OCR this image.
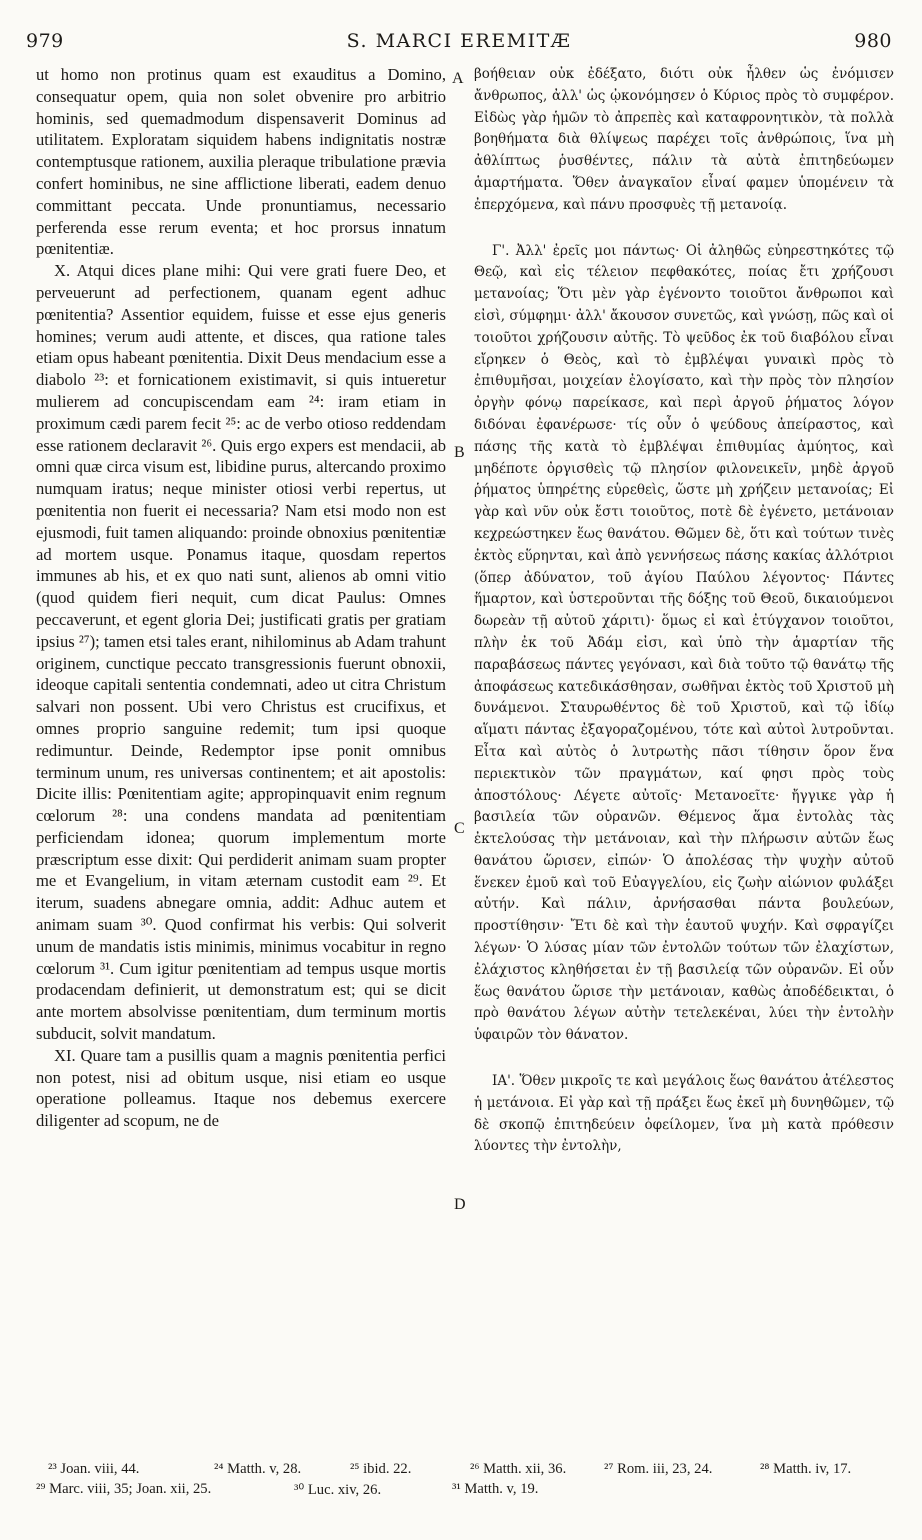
979	S. MARCI EREMITÆ	980

ut homo non protinus quam est exauditus a Domino, consequatur opem, quia non solet obvenire pro arbitrio hominis, sed quemadmodum dispensaverit Dominus ad utilitatem. Exploratam siquidem habens indignitatis nostræ contemptusque rationem, auxilia pleraque tribulatione prævia confert hominibus, ne sine afflictione liberati, eadem denuo committant peccata. Unde pronuntiamus, necessario perferenda esse rerum eventa; et hoc prorsus innatum pœnitentiæ.

X. Atqui dices plane mihi: Qui vere grati fuere Deo, et perveuerunt ad perfectionem, quanam egent adhuc pœnitentia? Assentior equidem, fuisse et esse ejus generis homines; verum audi attente, et disces, qua ratione tales etiam opus habeant pœnitentia. Dixit Deus mendacium esse a diabolo ²³: et fornicationem existimavit, si quis intueretur mulierem ad concupiscendam eam ²⁴: iram etiam in proximum cædi parem fecit ²⁵: ac de verbo otioso reddendam esse rationem declaravit ²⁶. Quis ergo expers est mendacii, ab omni quæ circa visum est, libidine purus, altercando proximo numquam iratus; neque minister otiosi verbi repertus, ut pœnitentia non fuerit ei necessaria? Nam etsi modo non est ejusmodi, fuit tamen aliquando: proinde obnoxius pœnitentiæ ad mortem usque. Ponamus itaque, quosdam repertos immunes ab his, et ex quo nati sunt, alienos ab omni vitio (quod quidem fieri nequit, cum dicat Paulus: Omnes peccaverunt, et egent gloria Dei; justificati gratis per gratiam ipsius ²⁷); tamen etsi tales erant, nihilominus ab Adam trahunt originem, cunctique peccato transgressionis fuerunt obnoxii, ideoque capitali sententia condemnati, adeo ut citra Christum salvari non possent. Ubi vero Christus est crucifixus, et omnes proprio sanguine redemit; tum ipsi quoque redimuntur. Deinde, Redemptor ipse ponit omnibus terminum unum, res universas continentem; et ait apostolis: Dicite illis: Pœnitentiam agite; appropinquavit enim regnum cœlorum ²⁸: una condens mandata ad pœnitentiam perficiendam idonea; quorum implementum morte præscriptum esse dixit: Qui perdiderit animam suam propter me et Evangelium, in vitam æternam custodit eam ²⁹. Et iterum, suadens abnegare omnia, addit: Adhuc autem et animam suam ³⁰. Quod confirmat his verbis: Qui solverit unum de mandatis istis minimis, minimus vocabitur in regno cœlorum ³¹. Cum igitur pœnitentiam ad tempus usque mortis prodacendam definierit, ut demonstratum est; qui se dicit ante mortem absolvisse pœnitentiam, dum terminum mortis subducit, solvit mandatum.

XI. Quare tam a pusillis quam a magnis pœnitentia perfici non potest, nisi ad obitum usque, nisi etiam eo usque operatione polleamus. Itaque nos debemus exercere diligenter ad scopum, ne de

A
B
C
D

βοήθειαν οὐκ ἐδέξατο, διότι οὐκ ἦλθεν ὡς ἐνόμισεν ἄνθρωπος, ἀλλ' ὡς ᾠκονόμησεν ὁ Κύριος πρὸς τὸ συμφέρον. Εἰδὼς γὰρ ἡμῶν τὸ ἀπρεπὲς καὶ καταφρονητικὸν, τὰ πολλὰ βοηθήματα διὰ θλίψεως παρέχει τοῖς ἀνθρώποις, ἵνα μὴ ἀθλίπτως ῥυσθέντες, πάλιν τὰ αὐτὰ ἐπιτηδεύωμεν ἁμαρτήματα. Ὅθεν ἀναγκαῖον εἶναί φαμεν ὑπομένειν τὰ ἐπερχόμενα, καὶ πάνυ προσφυὲς τῇ μετανοίᾳ.

Γ'. Ἀλλ' ἐρεῖς μοι πάντως· Οἱ ἀληθῶς εὐηρεστηκότες τῷ Θεῷ, καὶ εἰς τέλειον πεφθακότες, ποίας ἔτι χρήζουσι μετανοίας; Ὅτι μὲν γὰρ ἐγένοντο τοιοῦτοι ἄνθρωποι καὶ εἰσὶ, σύμφημι· ἀλλ' ἄκουσον συνετῶς, καὶ γνώσῃ, πῶς καὶ οἱ τοιοῦτοι χρήζουσιν αὐτῆς. Τὸ ψεῦδος ἐκ τοῦ διαβόλου εἶναι εἴρηκεν ὁ Θεὸς, καὶ τὸ ἐμβλέψαι γυναικὶ πρὸς τὸ ἐπιθυμῆσαι, μοιχείαν ἐλογίσατο, καὶ τὴν πρὸς τὸν πλησίον ὀργὴν φόνῳ παρείκασε, καὶ περὶ ἀργοῦ ῥήματος λόγον διδόναι ἐφανέρωσε· τίς οὖν ὁ ψεύδους ἀπείραστος, καὶ πάσης τῆς κατὰ τὸ ἐμβλέψαι ἐπιθυμίας ἀμύητος, καὶ μηδέποτε ὀργισθεὶς τῷ πλησίον φιλονεικεῖν, μηδὲ ἀργοῦ ῥήματος ὑπηρέτης εὑρεθεὶς, ὥστε μὴ χρήζειν μετανοίας; Εἰ γὰρ καὶ νῦν οὐκ ἔστι τοιοῦτος, ποτὲ δὲ ἐγένετο, μετάνοιαν κεχρεώστηκεν ἕως θανάτου. Θῶμεν δὲ, ὅτι καὶ τούτων τινὲς ἐκτὸς εὕρηνται, καὶ ἀπὸ γεννήσεως πάσης κακίας ἀλλότριοι (ὅπερ ἀδύνατον, τοῦ ἁγίου Παύλου λέγοντος· Πάντες ἥμαρτον, καὶ ὑστεροῦνται τῆς δόξης τοῦ Θεοῦ, δικαιούμενοι δωρεὰν τῇ αὐτοῦ χάριτι)· ὅμως εἰ καὶ ἐτύγχανον τοιοῦτοι, πλὴν ἐκ τοῦ Ἀδάμ εἰσι, καὶ ὑπὸ τὴν ἁμαρτίαν τῆς παραβάσεως πάντες γεγόνασι, καὶ διὰ τοῦτο τῷ θανάτῳ τῆς ἀποφάσεως κατεδικάσθησαν, σωθῆναι ἐκτὸς τοῦ Χριστοῦ μὴ δυνάμενοι. Σταυρωθέντος δὲ τοῦ Χριστοῦ, καὶ τῷ ἰδίῳ αἵματι πάντας ἐξαγοραζομένου, τότε καὶ αὐτοὶ λυτροῦνται. Εἶτα καὶ αὐτὸς ὁ λυτρωτὴς πᾶσι τίθησιν ὅρον ἕνα περιεκτικὸν τῶν πραγμάτων, καί φησι πρὸς τοὺς ἀποστόλους· Λέγετε αὐτοῖς· Μετανοεῖτε· ἤγγικε γὰρ ἡ βασιλεία τῶν οὐρανῶν. Θέμενος ἅμα ἐντολὰς τὰς ἐκτελούσας τὴν μετάνοιαν, καὶ τὴν πλήρωσιν αὐτῶν ἕως θανάτου ὥρισεν, εἰπών· Ὁ ἀπολέσας τὴν ψυχὴν αὐτοῦ ἕνεκεν ἐμοῦ καὶ τοῦ Εὐαγγελίου, εἰς ζωὴν αἰώνιον φυλάξει αὐτήν. Καὶ πάλιν, ἀρνήσασθαι πάντα βουλεύων, προστίθησιν· Ἔτι δὲ καὶ τὴν ἑαυτοῦ ψυχήν. Καὶ σφραγίζει λέγων· Ὁ λύσας μίαν τῶν ἐντολῶν τούτων τῶν ἐλαχίστων, ἐλάχιστος κληθήσεται ἐν τῇ βασιλείᾳ τῶν οὐρανῶν. Εἰ οὖν ἕως θανάτου ὥρισε τὴν μετάνοιαν, καθὼς ἀποδέδεικται, ὁ πρὸ θανάτου λέγων αὐτὴν τετελεκέναι, λύει τὴν ἐντολὴν ὑφαιρῶν τὸν θάνατον.

ΙΑ'. Ὅθεν μικροῖς τε καὶ μεγάλοις ἕως θανάτου ἀτέλεστος ἡ μετάνοια. Εἰ γὰρ καὶ τῇ πράξει ἕως ἐκεῖ μὴ δυνηθῶμεν, τῷ δὲ σκοπῷ ἐπιτηδεύειν ὀφείλομεν, ἵνα μὴ κατὰ πρόθεσιν λύοντες τὴν ἐντολὴν,

²³ Joan. viii, 44.	²⁴ Matth. v, 28.	²⁵ ibid. 22.	²⁶ Matth. xii, 36.	²⁷ Rom. iii, 23, 24.	²⁸ Matth. iv, 17.
²⁹ Marc. viii, 35; Joan. xii, 25.	³⁰ Luc. xiv, 26.	³¹ Matth. v, 19.
